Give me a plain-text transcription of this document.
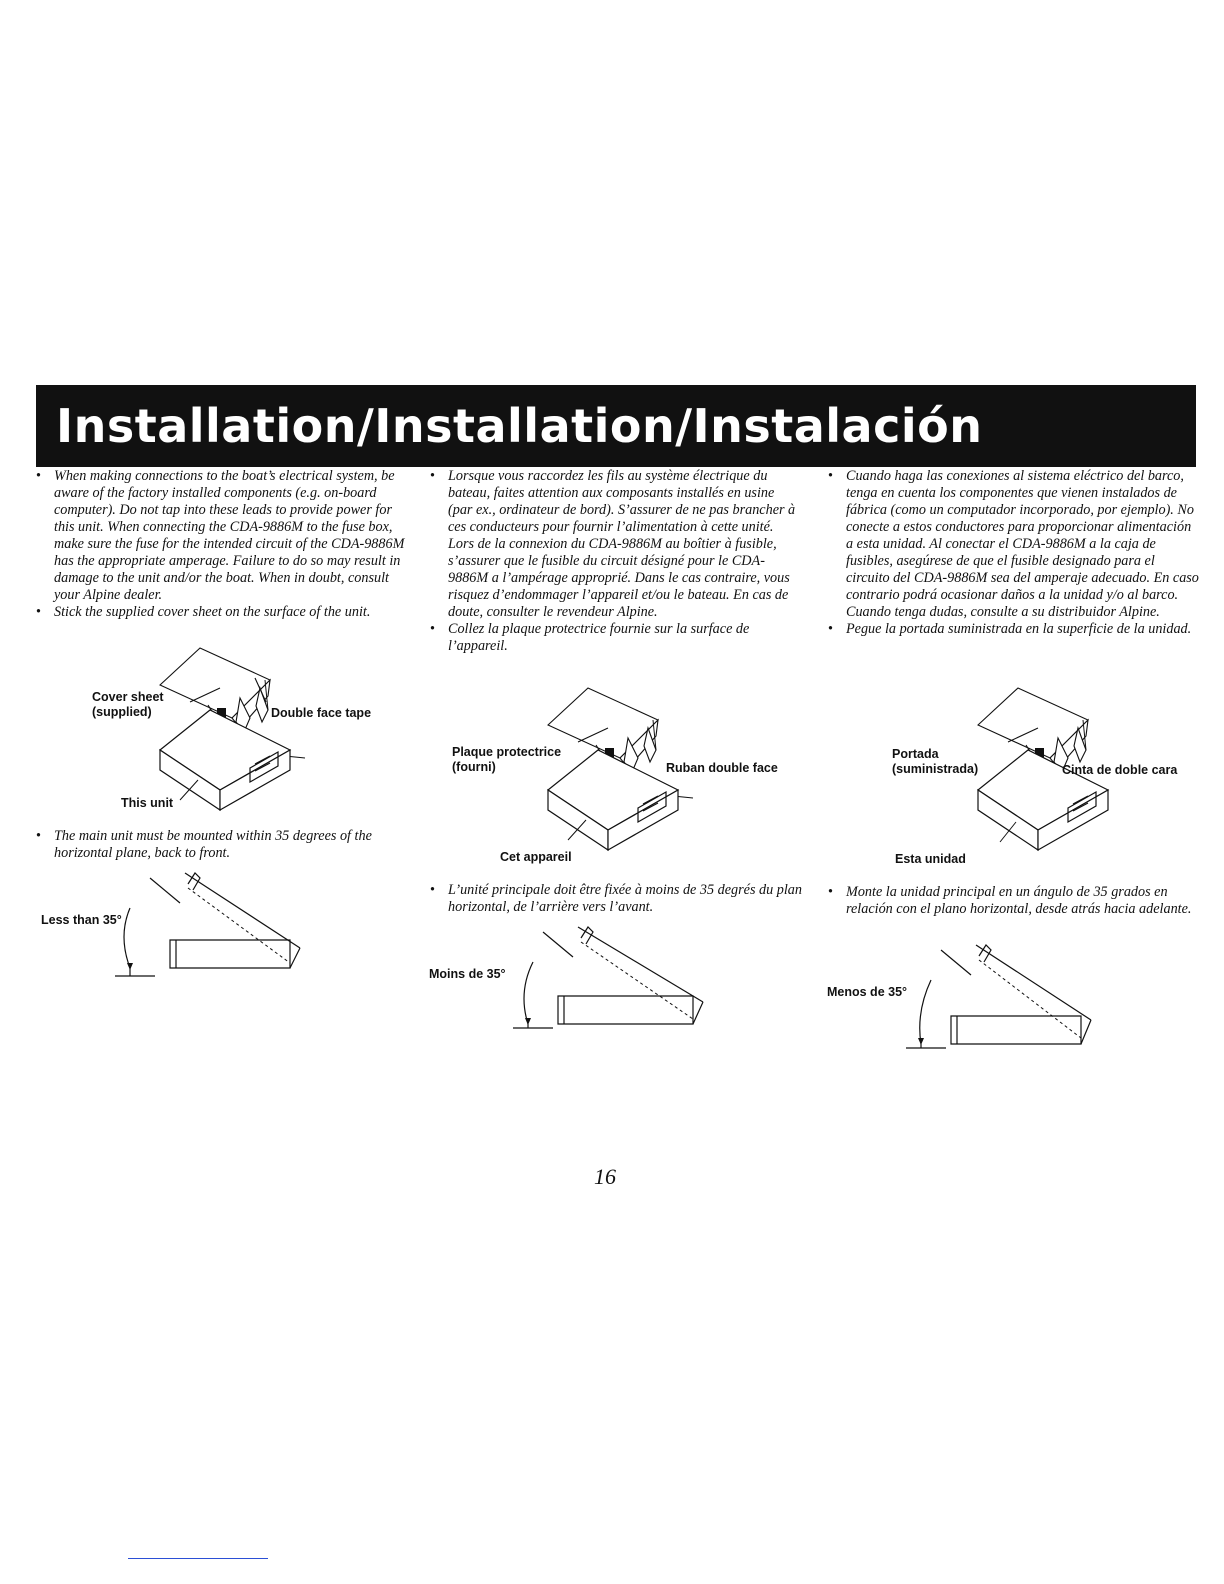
Installation/Installation/Instalación
• When making connections to the boat’s electrical system, be aware of the factory installed components (e.g. on-board computer). Do not tap into these leads to provide power for this unit. When connecting the CDA-9886M to the fuse box, make sure the fuse for the intended circuit of the CDA-9886M has the appropriate amperage. Failure to do so may result in damage to the unit and/or the boat. When in doubt, consult your Alpine dealer.
• Stick the supplied cover sheet on the surface of the unit.
Cover sheet
(supplied)	Double face tape
This unit
• The main unit must be mounted within 35 degrees of the horizontal plane, back to front.
Less than 35°
• Lorsque vous raccordez les fils au système électrique du bateau, faites attention aux composants installés en usine (par ex., ordinateur de bord). S’assurer de ne pas brancher à ces conducteurs pour fournir l’alimentation à cette unité. Lors de la connexion du CDA-9886M au boîtier à fusible, s’assurer que le fusible du circuit désigné pour le CDA-9886M a l’ampérage approprié. Dans le cas contraire, vous risquez d’endommager l’appareil et/ou le bateau. En cas de doute, consulter le revendeur Alpine.
• Collez la plaque protectrice fournie sur la surface de l’appareil.
Plaque protectrice
(fourni)	Ruban double face
Cet appareil
• L’unité principale doit être fixée à moins de 35 degrés du plan horizontal, de l’arrière vers l’avant.
Moins de 35°
• Cuando haga las conexiones al sistema eléctrico del barco, tenga en cuenta los componentes que vienen instalados de fábrica (como un computador incorporado, por ejemplo). No conecte a estos conductores para proporcionar alimentación a esta unidad. Al conectar el CDA-9886M a la caja de fusibles, asegúrese de que el fusible designado para el circuito del CDA-9886M sea del amperaje adecuado. En caso contrario podrá ocasionar daños a la unidad y/o al barco. Cuando tenga dudas, consulte a su distribuidor Alpine.
• Pegue la portada suministrada en la superficie de la unidad.
Portada
(suministrada)	Cinta de doble cara
Esta unidad
• Monte la unidad principal en un ángulo de 35 grados en relación con el plano horizontal, desde atrás hacia adelante.
Menos de 35°
16
